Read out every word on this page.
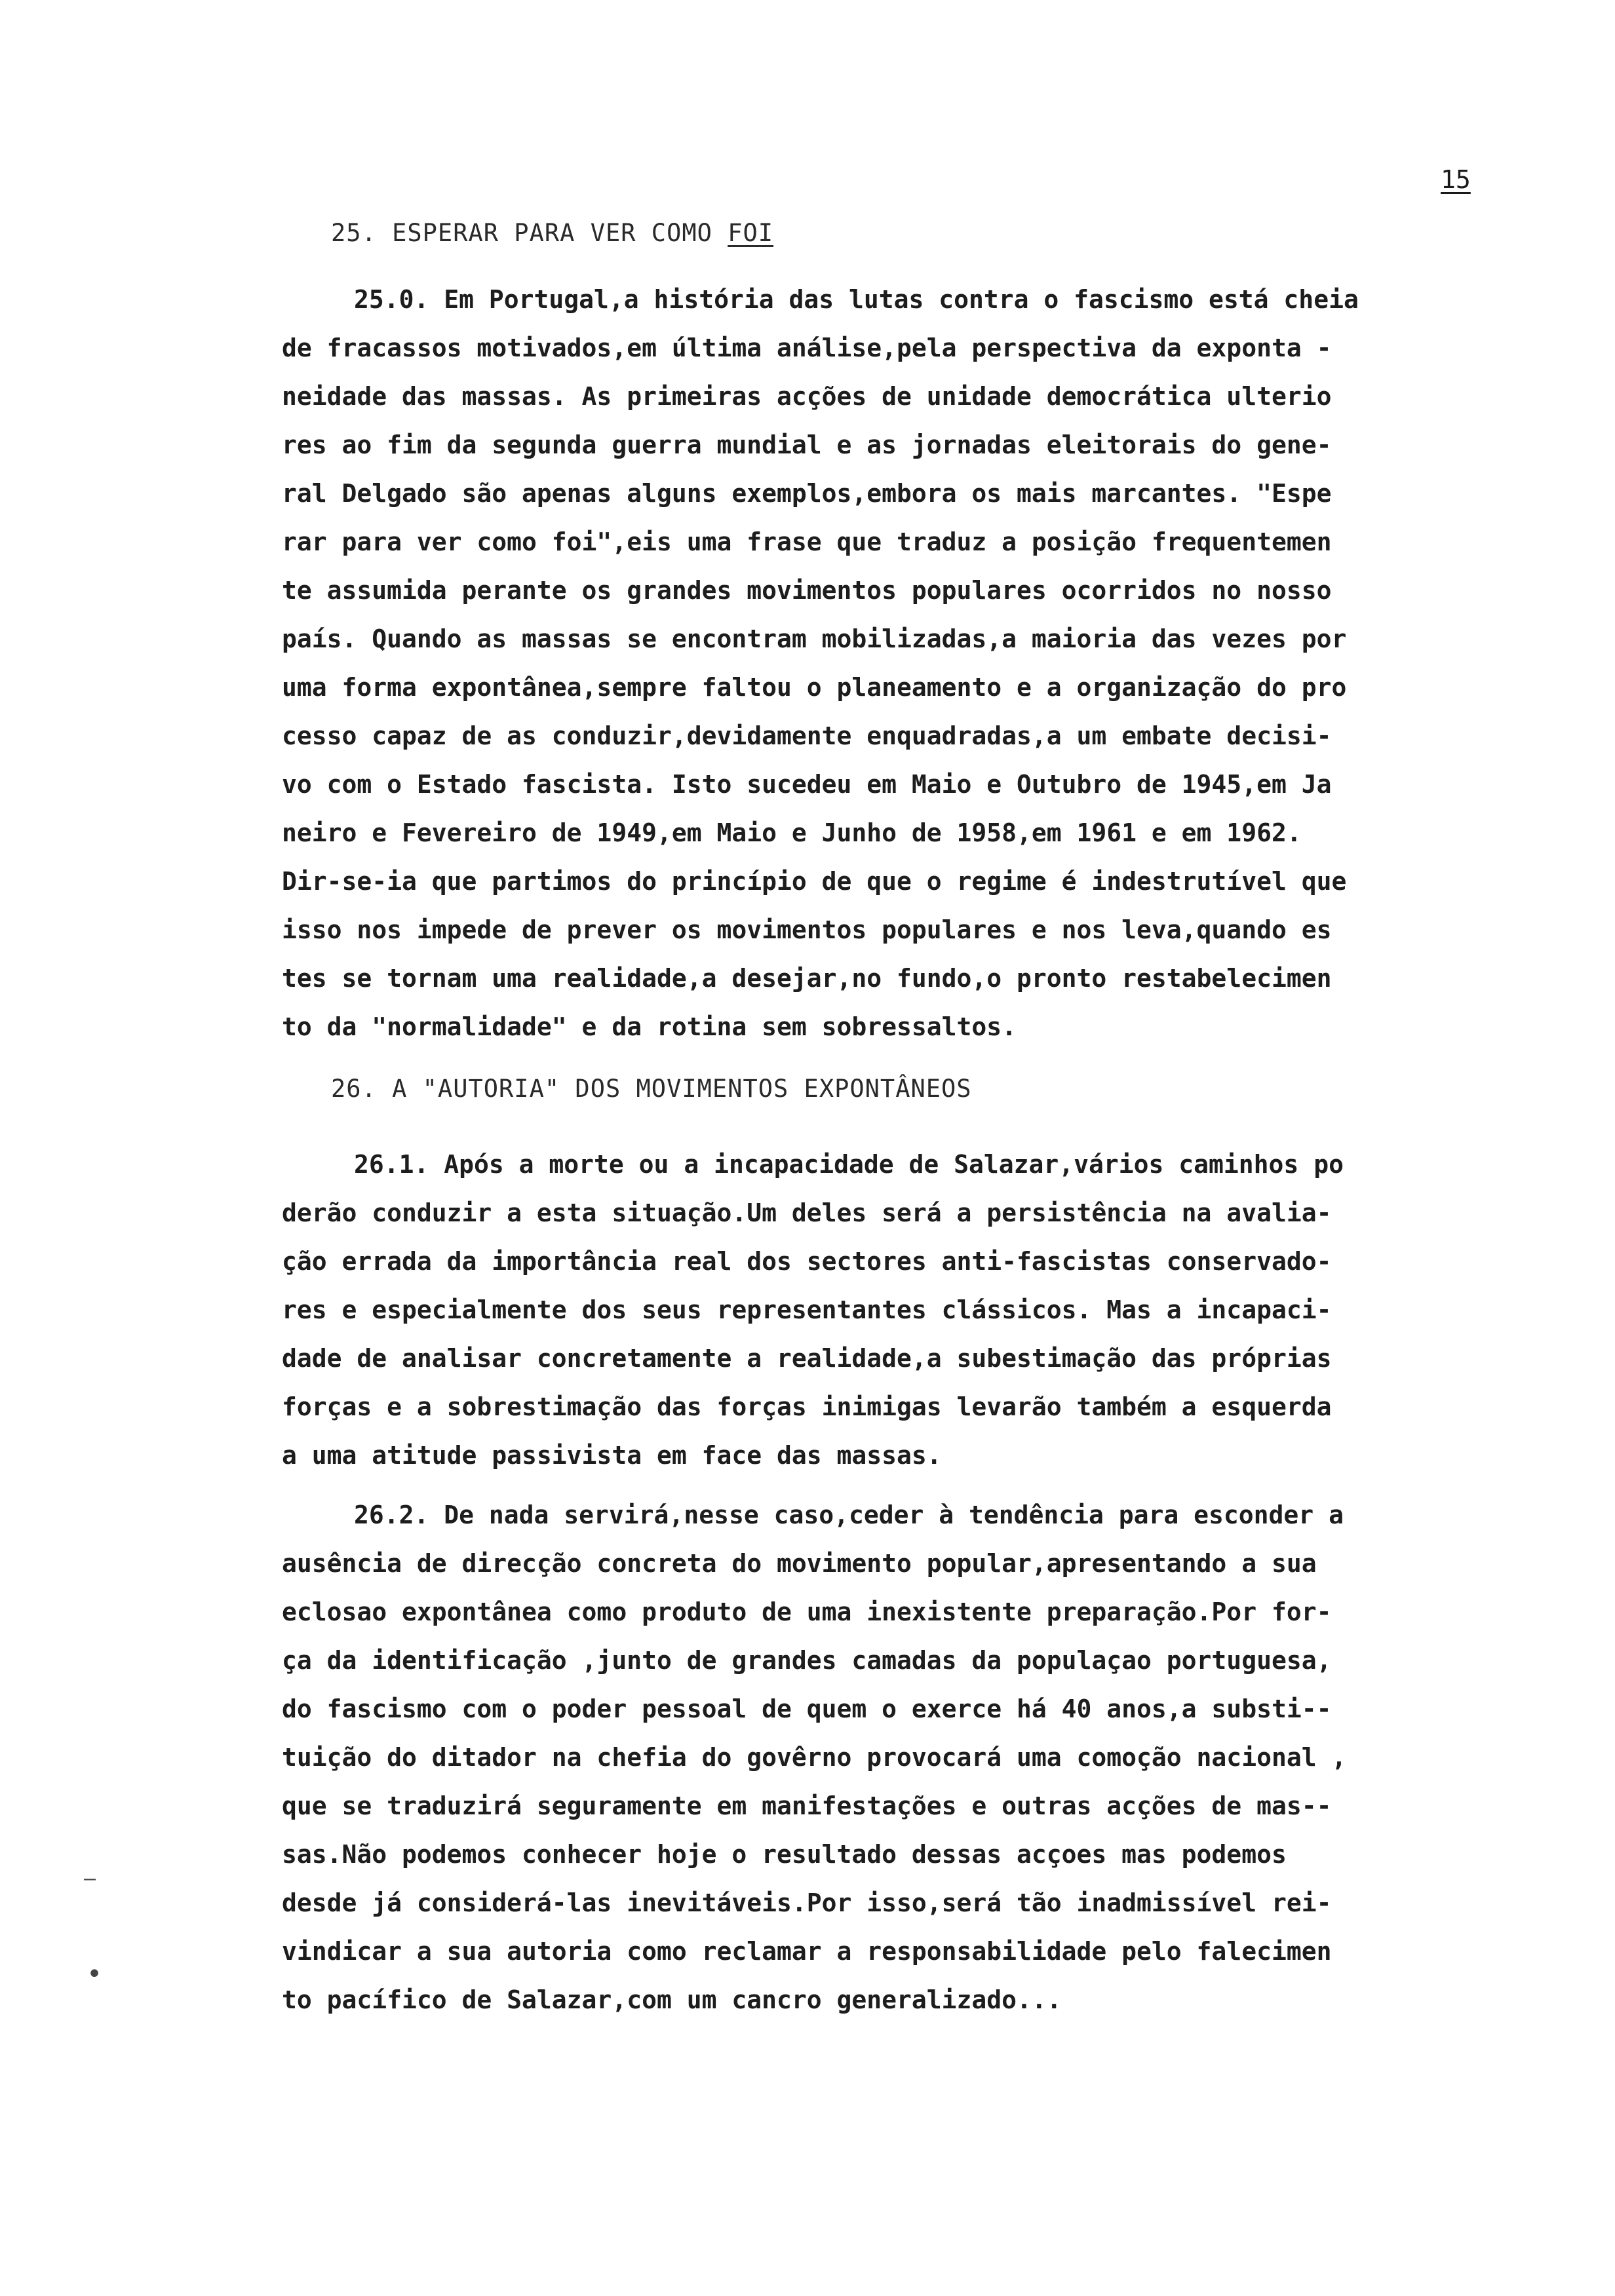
15
25. ESPERAR PARA VER COMO FOI
25.0. Em Portugal,a história das lutas contra o fascismo está cheia
de fracassos motivados,em última análise,pela perspectiva da exponta -
neidade das massas. As primeiras acções de unidade democrática ulterio
res ao fim da segunda guerra mundial e as jornadas eleitorais do gene-
ral Delgado são apenas alguns exemplos,embora os mais marcantes. "Espe
rar para ver como foi",eis uma frase que traduz a posição frequentemen
te assumida perante os grandes movimentos populares ocorridos no nosso
país. Quando as massas se encontram mobilizadas,a maioria das vezes por
uma forma expontânea,sempre faltou o planeamento e a organização do pro
cesso capaz de as conduzir,devidamente enquadradas,a um embate decisi-
vo com o Estado fascista. Isto sucedeu em Maio e Outubro de 1945,em Ja
neiro e Fevereiro de 1949,em Maio e Junho de 1958,em 1961 e em 1962.
Dir-se-ia que partimos do princípio de que o regime é indestrutível que
isso nos impede de prever os movimentos populares e nos leva,quando es
tes se tornam uma realidade,a desejar,no fundo,o pronto restabelecimen
to da "normalidade" e da rotina sem sobressaltos.
26. A "AUTORIA" DOS MOVIMENTOS EXPONTÂNEOS
26.1. Após a morte ou a incapacidade de Salazar,vários caminhos po
derão conduzir a esta situação.Um deles será a persistência na avalia-
ção errada da importância real dos sectores anti-fascistas conservado-
res e especialmente dos seus representantes clássicos. Mas a incapaci-
dade de analisar concretamente a realidade,a subestimação das próprias
forças e a sobrestimação das forças inimigas levarão também a esquerda
a uma atitude passivista em face das massas.
26.2. De nada servirá,nesse caso,ceder à tendência para esconder a
ausência de direcção concreta do movimento popular,apresentando a sua
eclosao expontânea como produto de uma inexistente preparação.Por for-
ça da identificação ,junto de grandes camadas da populaçao portuguesa,
do fascismo com o poder pessoal de quem o exerce há 40 anos,a substi--
tuição do ditador na chefia do govêrno provocará uma comoção nacional ,
que se traduzirá seguramente em manifestações e outras acções de mas--
sas.Não podemos conhecer hoje o resultado dessas acçoes mas podemos
desde já considerá-las inevitáveis.Por isso,será tão inadmissível rei-
vindicar a sua autoria como reclamar a responsabilidade pelo falecimen
to pacífico de Salazar,com um cancro generalizado...
–
•
